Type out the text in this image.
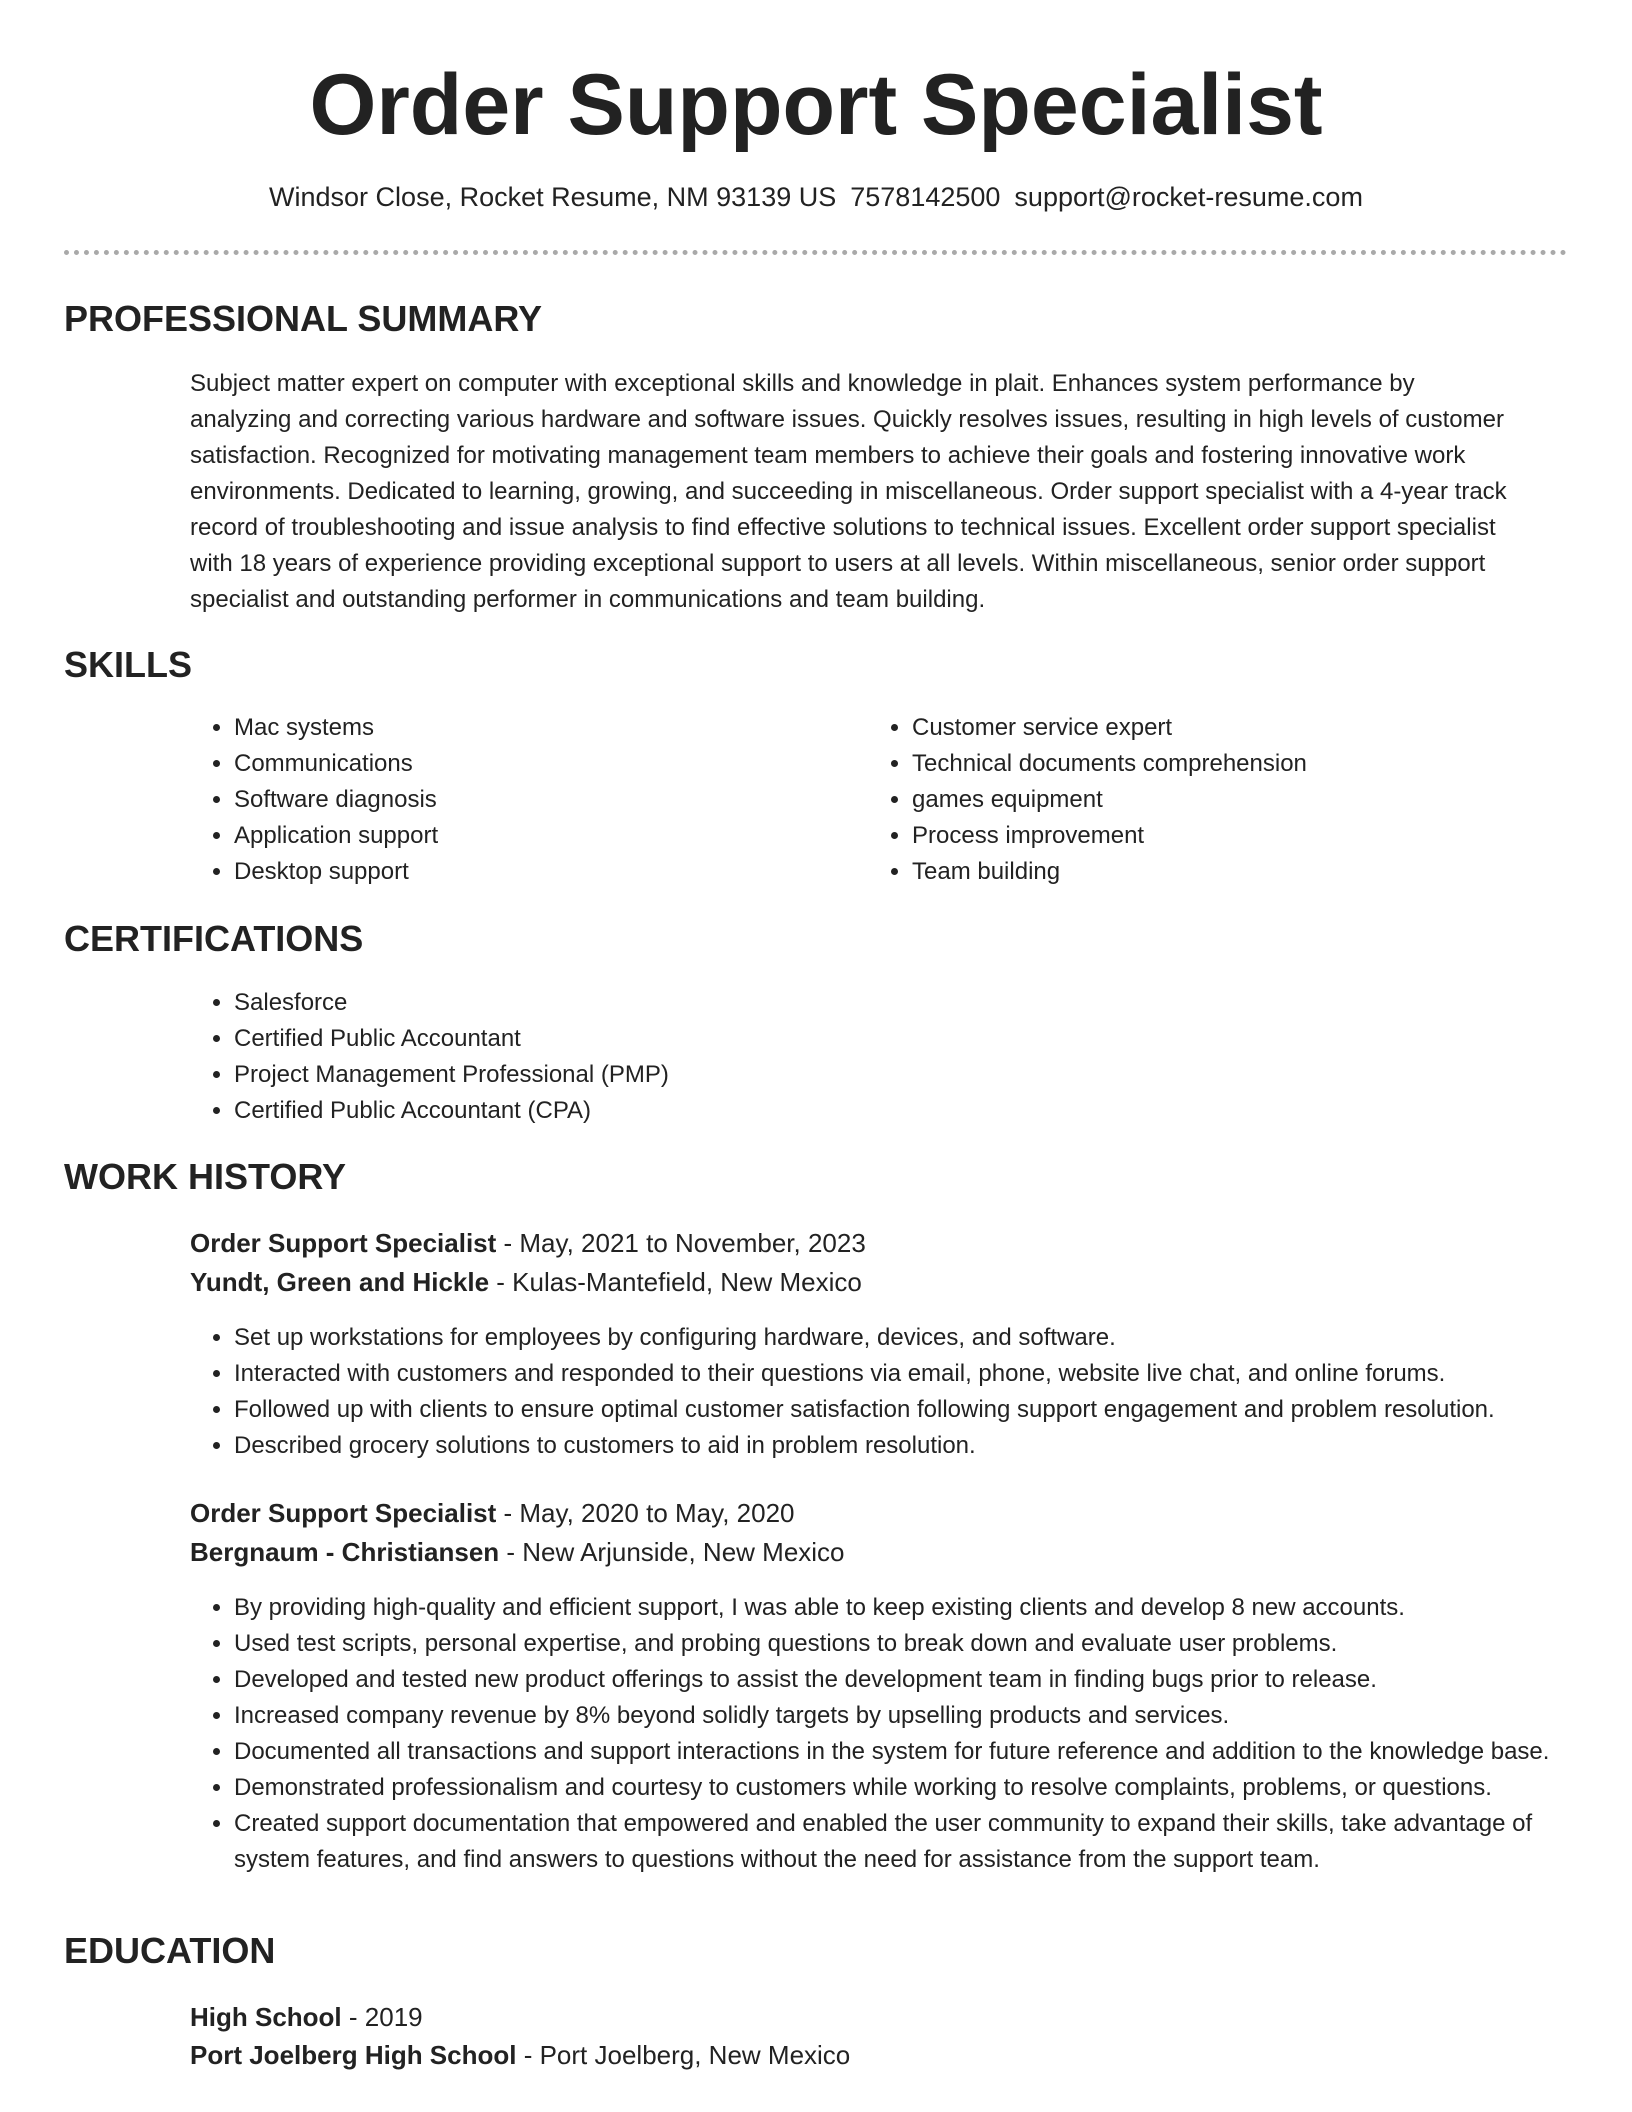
Order Support Specialist
Windsor Close, Rocket Resume, NM 93139 US 7578142500 support@rocket-resume.com
PROFESSIONAL SUMMARY
Subject matter expert on computer with exceptional skills and knowledge in plait. Enhances system performance by
analyzing and correcting various hardware and software issues. Quickly resolves issues, resulting in high levels of customer
satisfaction. Recognized for motivating management team members to achieve their goals and fostering innovative work
environments. Dedicated to learning, growing, and succeeding in miscellaneous. Order support specialist with a 4-year track
record of troubleshooting and issue analysis to find effective solutions to technical issues. Excellent order support specialist
with 18 years of experience providing exceptional support to users at all levels. Within miscellaneous, senior order support
specialist and outstanding performer in communications and team building.
SKILLS
• Mac systems
• Communications
• Software diagnosis
• Application support
• Desktop support
• Customer service expert
• Technical documents comprehension
• games equipment
• Process improvement
• Team building
CERTIFICATIONS
• Salesforce
• Certified Public Accountant
• Project Management Professional (PMP)
• Certified Public Accountant (CPA)
WORK HISTORY
Order Support Specialist - May, 2021 to November, 2023
Yundt, Green and Hickle - Kulas-Mantefield, New Mexico
• Set up workstations for employees by configuring hardware, devices, and software.
• Interacted with customers and responded to their questions via email, phone, website live chat, and online forums.
• Followed up with clients to ensure optimal customer satisfaction following support engagement and problem resolution.
• Described grocery solutions to customers to aid in problem resolution.
Order Support Specialist - May, 2020 to May, 2020
Bergnaum - Christiansen - New Arjunside, New Mexico
• By providing high-quality and efficient support, I was able to keep existing clients and develop 8 new accounts.
• Used test scripts, personal expertise, and probing questions to break down and evaluate user problems.
• Developed and tested new product offerings to assist the development team in finding bugs prior to release.
• Increased company revenue by 8% beyond solidly targets by upselling products and services.
• Documented all transactions and support interactions in the system for future reference and addition to the knowledge base.
• Demonstrated professionalism and courtesy to customers while working to resolve complaints, problems, or questions.
• Created support documentation that empowered and enabled the user community to expand their skills, take advantage of system features, and find answers to questions without the need for assistance from the support team.
EDUCATION
High School - 2019
Port Joelberg High School - Port Joelberg, New Mexico
